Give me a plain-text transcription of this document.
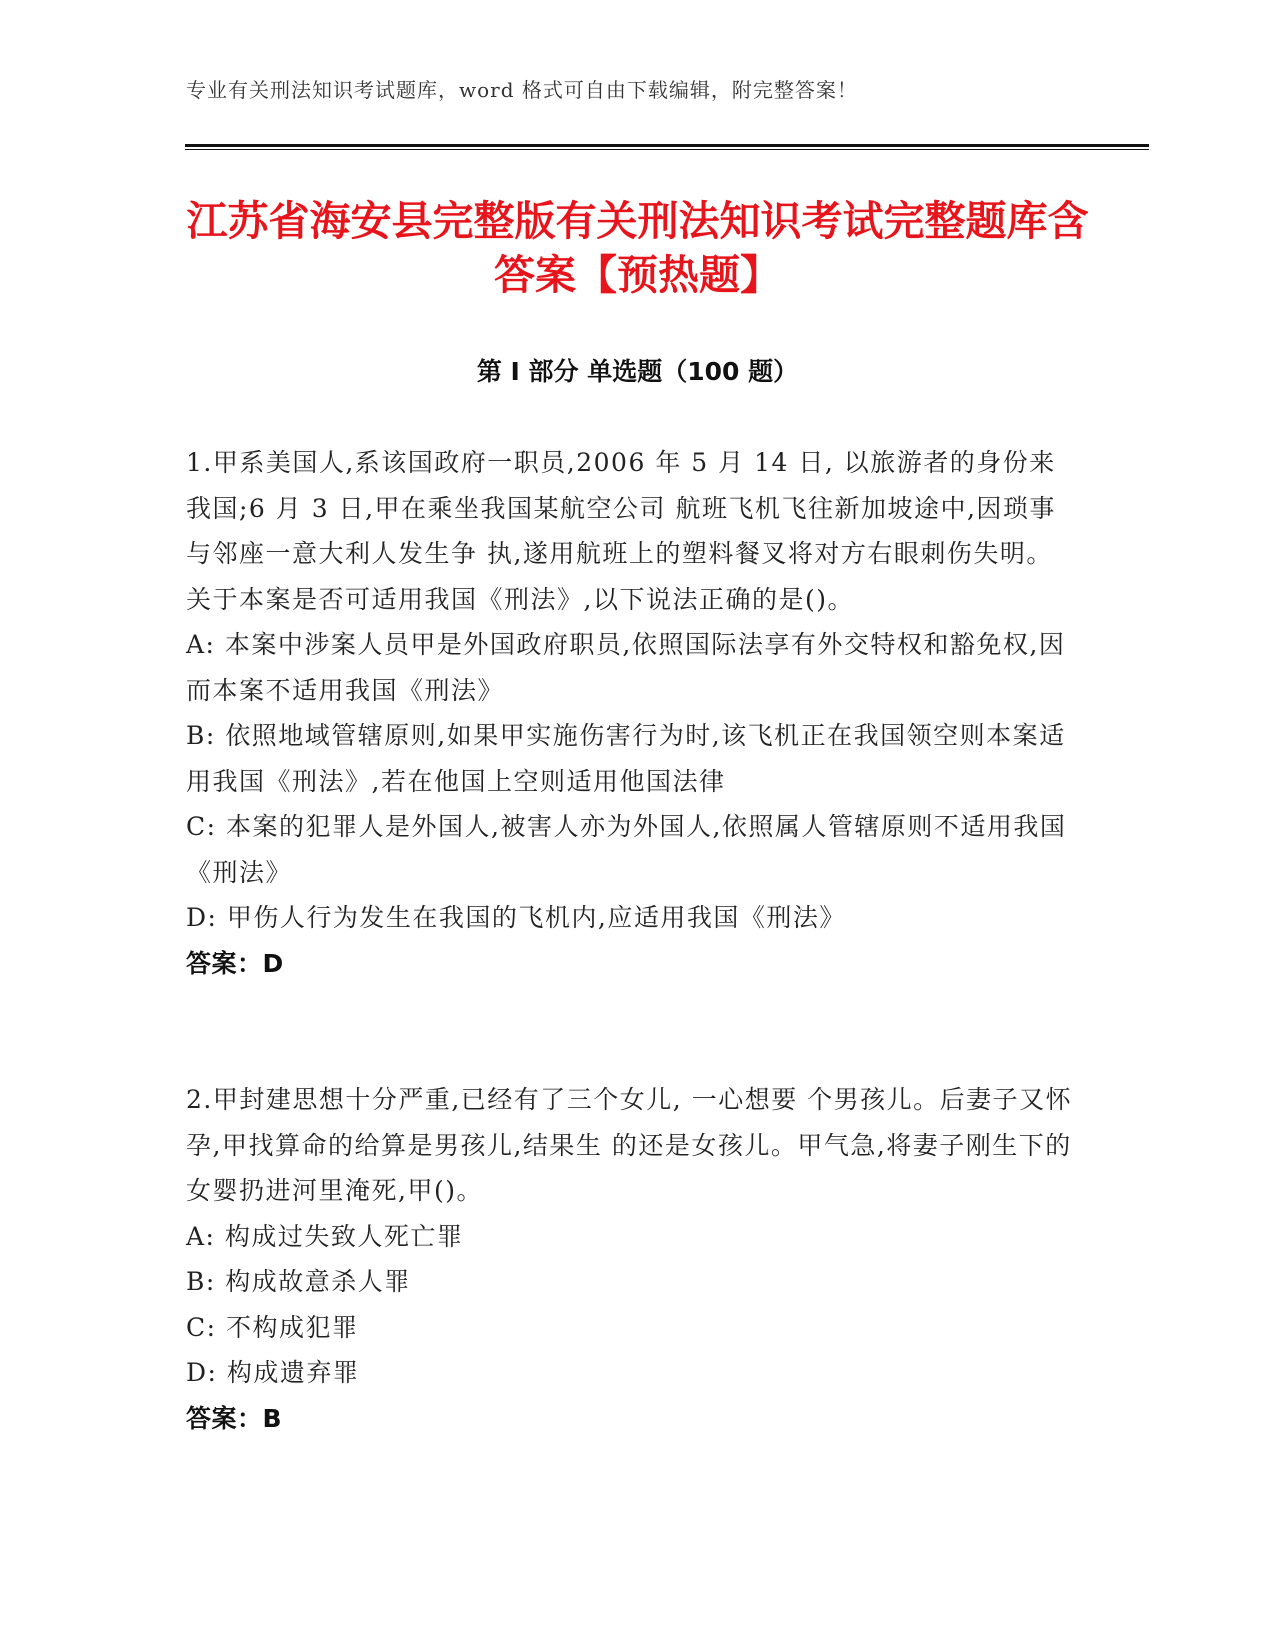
专业有关刑法知识考试题库，word 格式可自由下载编辑，附完整答案！
江苏省海安县完整版有关刑法知识考试完整题库含答案【预热题】
第 I 部分 单选题（100 题）

1.甲系美国人,系该国政府一职员,2006 年 5 月 14 日, 以旅游者的身份来我国;6 月 3 日,甲在乘坐我国某航空公司 航班飞机飞往新加坡途中,因琐事与邻座一意大利人发生争 执,遂用航班上的塑料餐叉将对方右眼刺伤失明。关于本案是否可适用我国《刑法》,以下说法正确的是()。

A: 本案中涉案人员甲是外国政府职员,依照国际法享有外交特权和豁免权,因而本案不适用我国《刑法》

B: 依照地域管辖原则,如果甲实施伤害行为时,该飞机正在我国领空则本案适用我国《刑法》,若在他国上空则适用他国法律

C: 本案的犯罪人是外国人,被害人亦为外国人,依照属人管辖原则不适用我国《刑法》

D: 甲伤人行为发生在我国的飞机内,应适用我国《刑法》

答案：D

2.甲封建思想十分严重,已经有了三个女儿, 一心想要 个男孩儿。后妻子又怀孕,甲找算命的给算是男孩儿,结果生 的还是女孩儿。甲气急,将妻子刚生下的女婴扔进河里淹死,甲()。

A: 构成过失致人死亡罪

B: 构成故意杀人罪

C: 不构成犯罪

D: 构成遗弃罪

答案：B
